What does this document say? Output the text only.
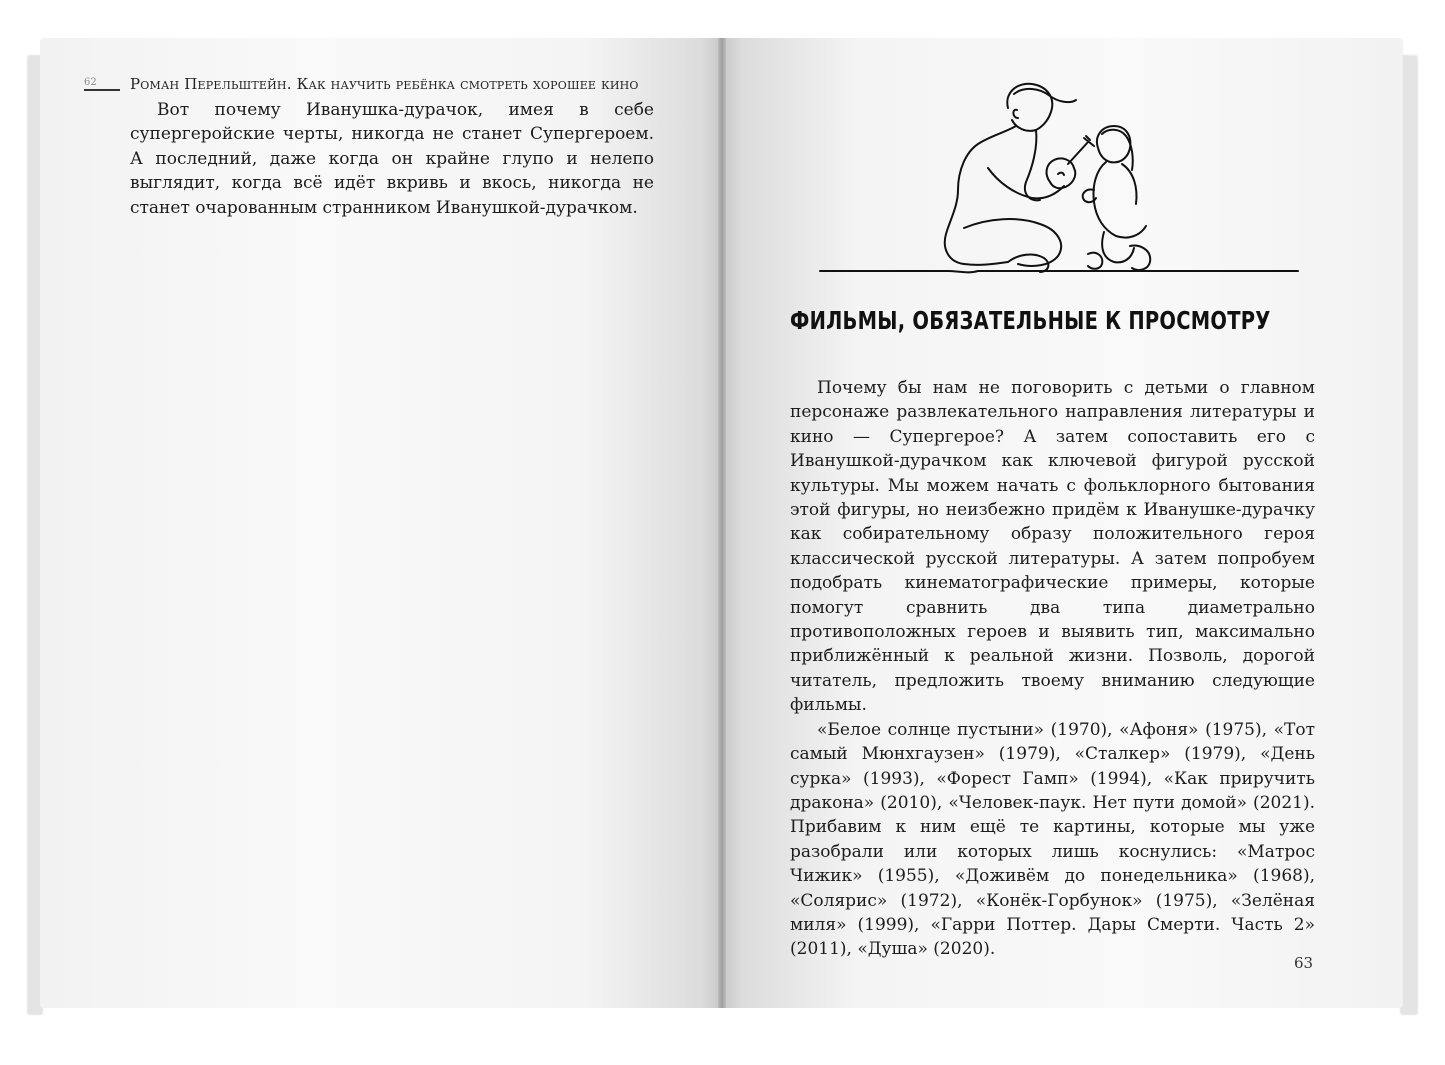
62	Роман Перельштейн. Как научить ребёнка смотреть хорошее кино

Вот почему Иванушка-дурачок, имея в себе супергеройские черты, никогда не станет Супергероем. А последний, даже когда он крайне глупо и нелепо выглядит, когда всё идёт вкривь и вкось, никогда не станет очарованным странником Иванушкой-дурачком.

ФИЛЬМЫ, ОБЯЗАТЕЛЬНЫЕ К ПРОСМОТРУ

Почему бы нам не поговорить с детьми о главном персонаже развлекательного направления литературы и кино — Супергерое? А затем сопоставить его с Иванушкой-дурачком как ключевой фигурой русской культуры. Мы можем начать с фольклорного бытования этой фигуры, но неизбежно придём к Иванушке-дурачку как собирательному образу положительного героя классической русской литературы. А затем попробуем подобрать кинематографические примеры, которые помогут сравнить два типа диаметрально противоположных героев и выявить тип, максимально приближённый к реальной жизни. Позволь, дорогой читатель, предложить твоему вниманию следующие фильмы.

«Белое солнце пустыни» (1970), «Афоня» (1975), «Тот самый Мюнхгаузен» (1979), «Сталкер» (1979), «День сурка» (1993), «Форест Гамп» (1994), «Как приручить дракона» (2010), «Человек-паук. Нет пути домой» (2021). Прибавим к ним ещё те картины, которые мы уже разобрали или которых лишь коснулись: «Матрос Чижик» (1955), «Доживём до понедельника» (1968), «Солярис» (1972), «Конёк-Горбунок» (1975), «Зелёная миля» (1999), «Гарри Поттер. Дары Смерти. Часть 2» (2011), «Душа» (2020).

63
